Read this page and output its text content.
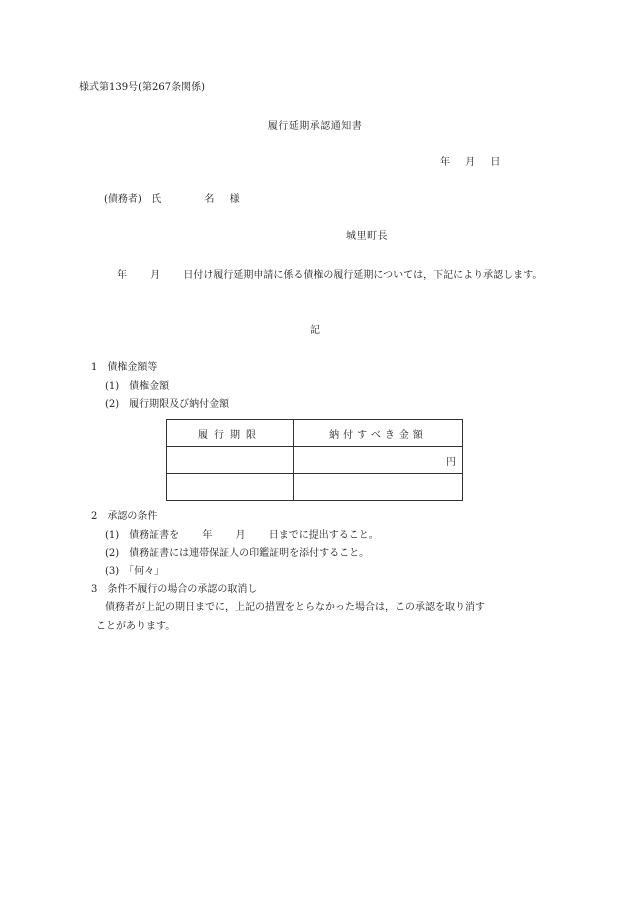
様式第139号(第267条関係)
履行延期承認通知書
年 月 日
(債務者) 氏	名 様
城里町長
年　　 月　　 日付け履行延期申請に係る債権の履行延期については，下記により承認します。
記
1　債権金額等
(1)　債権金額
(2)　履行期限及び納付金額
履行期限	納付すべき金額
	円

2　承認の条件
(1)　債務証書を　　 年　　 月　　 日までに提出すること。
(2)　債務証書には連帯保証人の印鑑証明を添付すること。
(3)　「何々」
3　条件不履行の場合の承認の取消し
債務者が上記の期日までに，上記の措置をとらなかった場合は，この承認を取り消す
ことがあります。
